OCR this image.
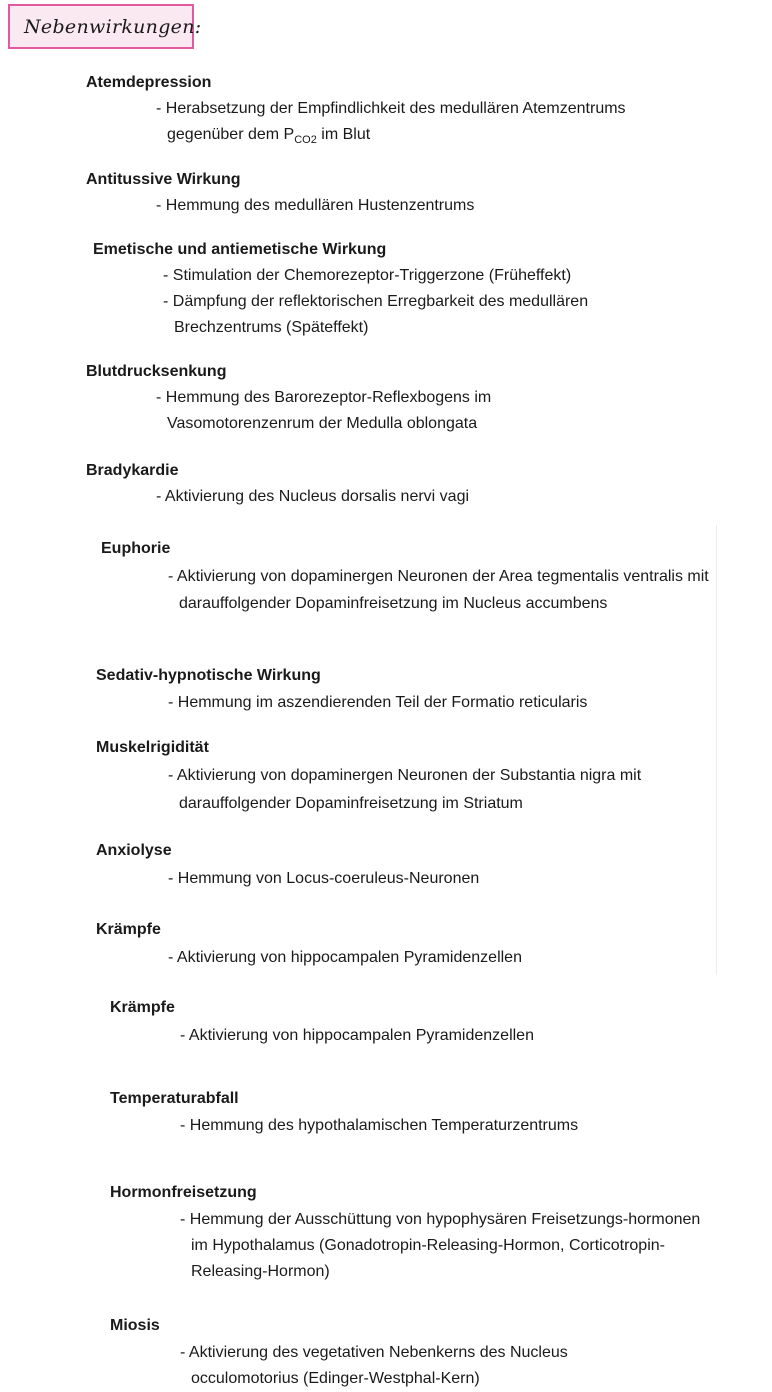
Nebenwirkungen:

Atemdepression

- Herabsetzung der Empfindlichkeit des medullären Atemzentrums gegenüber dem $P_{CO2}$ im Blut

Antitussive Wirkung

- Hemmung des medullären Hustenzentrums

Emetische und antiemetische Wirkung

- Stimulation der Chemorezeptor-Triggerzone (Früheffekt)
- Dämpfung der reflektorischen Erregbarkeit des medullären Brechzentrums (Späteffekt)

Blutdrucksenkung

- Hemmung des Barorezeptor-Reflexbogens im Vasomotorenzenrum der Medulla oblongata

Bradykardie

- Aktivierung des Nucleus dorsalis nervi vagi

Euphorie

- Aktivierung von dopaminergen Neuronen der Area tegmentalis ventralis mit darauffolgender Dopaminfreisetzung im Nucleus accumbens

Sedativ-hypnotische Wirkung

- Hemmung im aszendierenden Teil der Formatio reticularis

Muskelrigidität

- Aktivierung von dopaminergen Neuronen der Substantia nigra mit darauffolgender Dopaminfreisetzung im Striatum

Anxiolyse

- Hemmung von Locus-coeruleus-Neuronen

Krämpfe

- Aktivierung von hippocampalen Pyramidenzellen

Krämpfe

- Aktivierung von hippocampalen Pyramidenzellen

Temperaturabfall

- Hemmung des hypothalamischen Temperaturzentrums

Hormonfreisetzung

- Hemmung der Ausschüttung von hypophysären Freisetzungs-hormonen im Hypothalamus (Gonadotropin-Releasing-Hormon, Corticotropin-Releasing-Hormon)

Miosis

- Aktivierung des vegetativen Nebenkerns des Nucleus occulomotorius (Edinger-Westphal-Kern)
